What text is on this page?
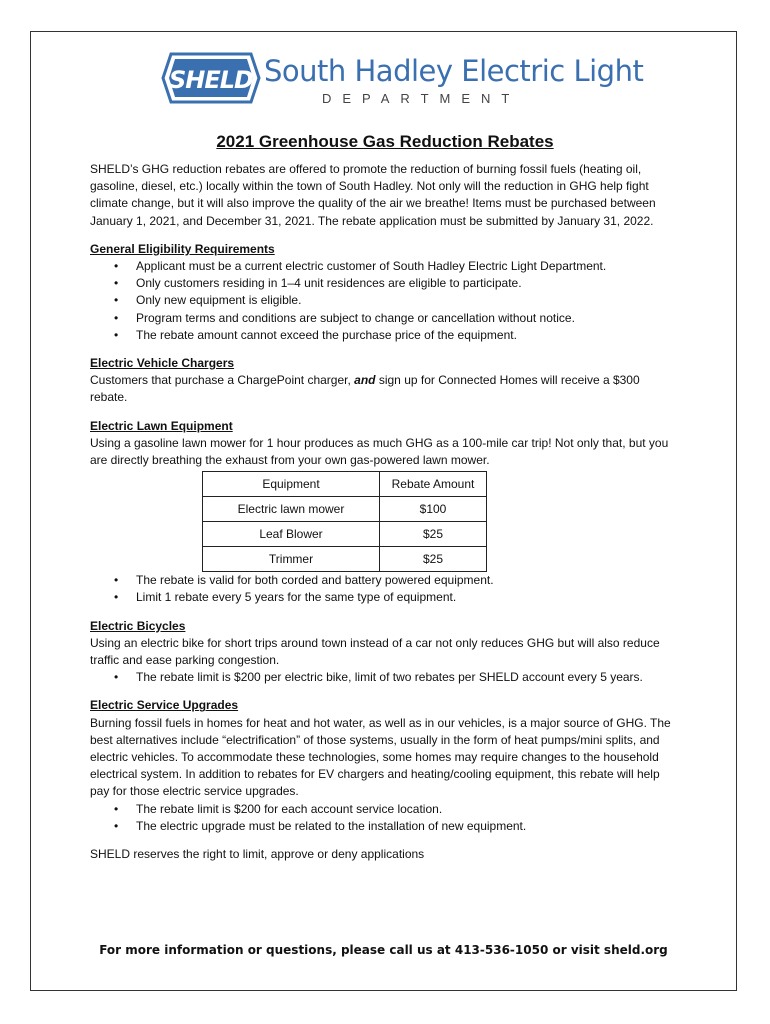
SHELD South Hadley Electric Light
DEPARTMENT
2021 Greenhouse Gas Reduction Rebates

SHELD’s GHG reduction rebates are offered to promote the reduction of burning fossil fuels (heating oil, gasoline, diesel, etc.) locally within the town of South Hadley. Not only will the reduction in GHG help fight climate change, but it will also improve the quality of the air we breathe! Items must be purchased between January 1, 2021, and December 31, 2021. The rebate application must be submitted by January 31, 2022.

General Eligibility Requirements
• Applicant must be a current electric customer of South Hadley Electric Light Department.
• Only customers residing in 1–4 unit residences are eligible to participate.
• Only new equipment is eligible.
• Program terms and conditions are subject to change or cancellation without notice.
• The rebate amount cannot exceed the purchase price of the equipment.
Electric Vehicle Chargers

Customers that purchase a ChargePoint charger, and sign up for Connected Homes will receive a $300 rebate.

Electric Lawn Equipment

Using a gasoline lawn mower for 1 hour produces as much GHG as a 100-mile car trip! Not only that, but you are directly breathing the exhaust from your own gas-powered lawn mower.

Equipment	Rebate Amount
Electric lawn mower	$100
Leaf Blower	$25
Trimmer	$25
• The rebate is valid for both corded and battery powered equipment.
• Limit 1 rebate every 5 years for the same type of equipment.
Electric Bicycles

Using an electric bike for short trips around town instead of a car not only reduces GHG but will also reduce traffic and ease parking congestion.

• The rebate limit is $200 per electric bike, limit of two rebates per SHELD account every 5 years.
Electric Service Upgrades

Burning fossil fuels in homes for heat and hot water, as well as in our vehicles, is a major source of GHG. The best alternatives include “electrification” of those systems, usually in the form of heat pumps/mini splits, and electric vehicles. To accommodate these technologies, some homes may require changes to the household electrical system. In addition to rebates for EV chargers and heating/cooling equipment, this rebate will help pay for those electric service upgrades.

• The rebate limit is $200 for each account service location.
• The electric upgrade must be related to the installation of new equipment.

SHELD reserves the right to limit, approve or deny applications

For more information or questions, please call us at 413-536-1050 or visit sheld.org
